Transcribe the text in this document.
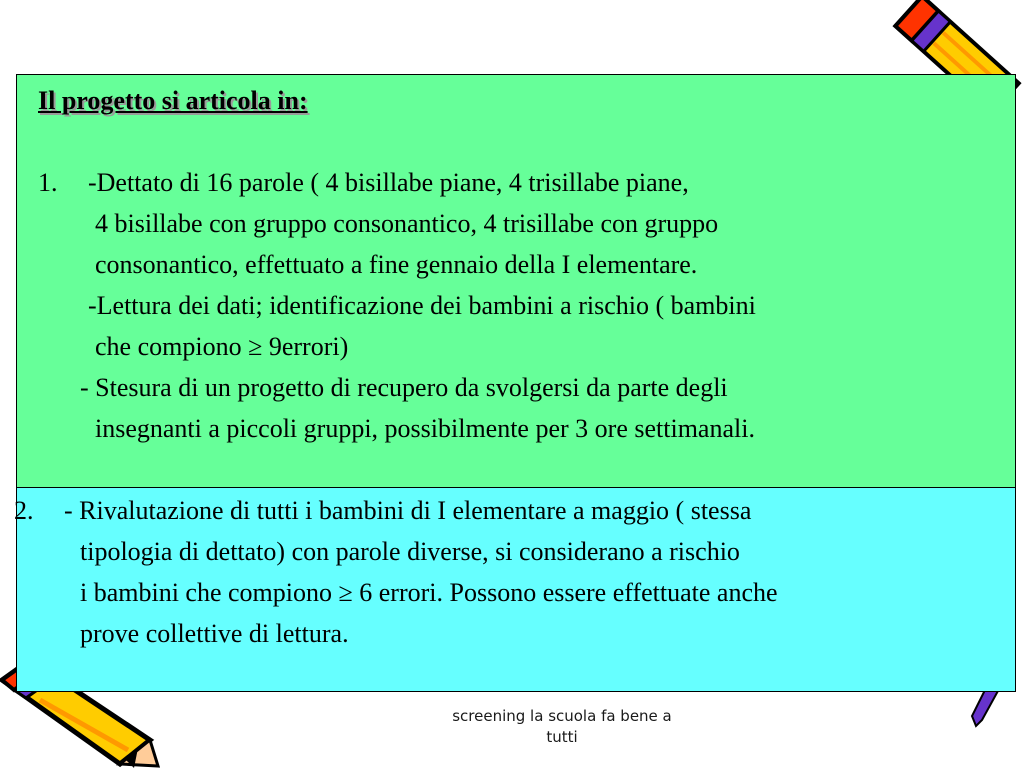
Il progetto si articola in:
1. -Dettato di 16 parole ( 4 bisillabe piane, 4 trisillabe piane,
4 bisillabe con gruppo consonantico, 4 trisillabe con gruppo
consonantico, effettuato a fine gennaio della I elementare.
-Lettura dei dati; identificazione dei bambini a rischio ( bambini
che compiono ≥ 9errori)
- Stesura di un progetto di recupero da svolgersi da parte degli
insegnanti a piccoli gruppi, possibilmente per 3 ore settimanali.
2. - Rivalutazione di tutti i bambini di I elementare a maggio ( stessa
tipologia di dettato) con parole diverse, si considerano a rischio
i bambini che compiono ≥ 6 errori. Possono essere effettuate anche
prove collettive di lettura.
screening la scuola fa bene a
tutti
